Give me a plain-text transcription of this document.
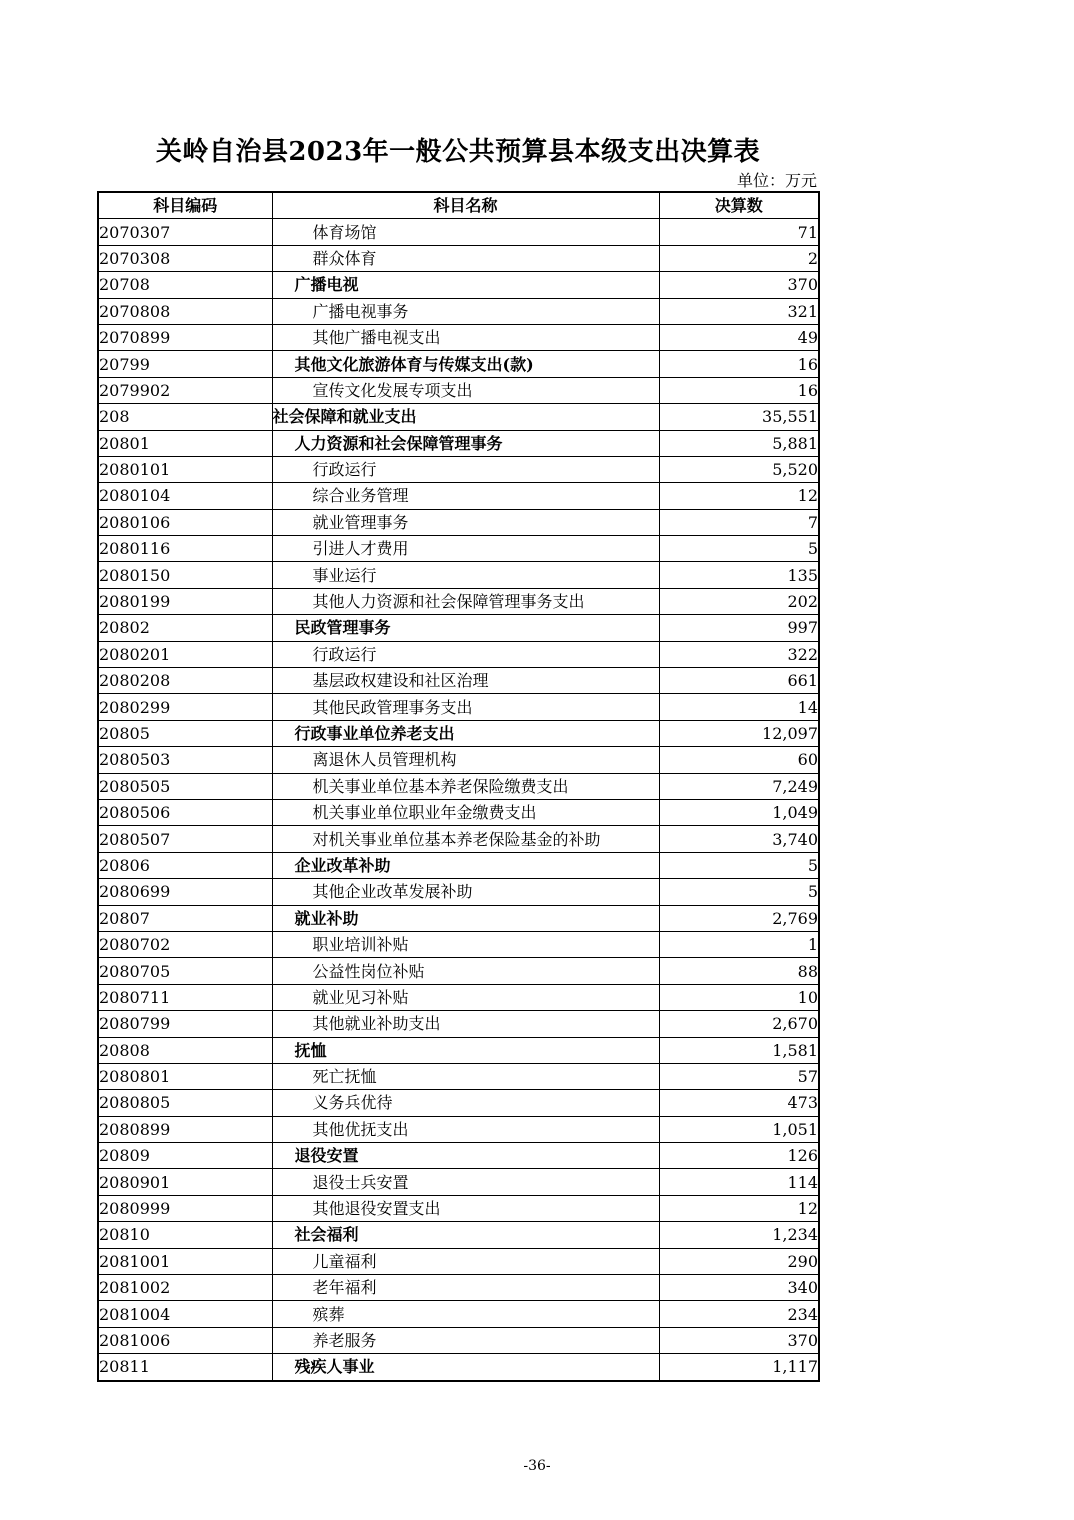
关岭自治县2023年一般公共预算县本级支出决算表
单位：万元
科目编码	科目名称	决算数
2070307	体育场馆	71
2070308	群众体育	2
20708	广播电视	370
2070808	广播电视事务	321
2070899	其他广播电视支出	49
20799	其他文化旅游体育与传媒支出(款)	16
2079902	宣传文化发展专项支出	16
208	社会保障和就业支出	35,551
20801	人力资源和社会保障管理事务	5,881
2080101	行政运行	5,520
2080104	综合业务管理	12
2080106	就业管理事务	7
2080116	引进人才费用	5
2080150	事业运行	135
2080199	其他人力资源和社会保障管理事务支出	202
20802	民政管理事务	997
2080201	行政运行	322
2080208	基层政权建设和社区治理	661
2080299	其他民政管理事务支出	14
20805	行政事业单位养老支出	12,097
2080503	离退休人员管理机构	60
2080505	机关事业单位基本养老保险缴费支出	7,249
2080506	机关事业单位职业年金缴费支出	1,049
2080507	对机关事业单位基本养老保险基金的补助	3,740
20806	企业改革补助	5
2080699	其他企业改革发展补助	5
20807	就业补助	2,769
2080702	职业培训补贴	1
2080705	公益性岗位补贴	88
2080711	就业见习补贴	10
2080799	其他就业补助支出	2,670
20808	抚恤	1,581
2080801	死亡抚恤	57
2080805	义务兵优待	473
2080899	其他优抚支出	1,051
20809	退役安置	126
2080901	退役士兵安置	114
2080999	其他退役安置支出	12
20810	社会福利	1,234
2081001	儿童福利	290
2081002	老年福利	340
2081004	殡葬	234
2081006	养老服务	370
20811	残疾人事业	1,117
-36-
